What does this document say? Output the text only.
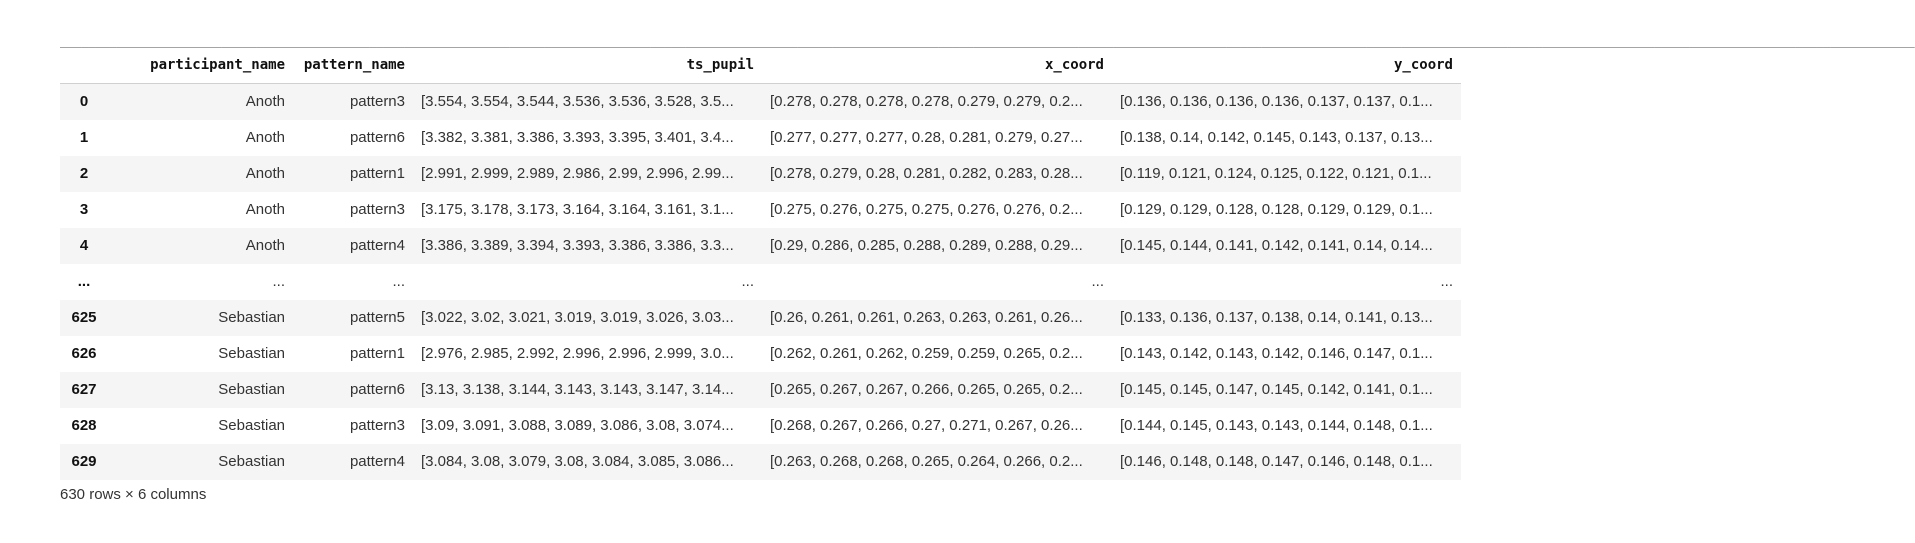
________________________________________________________________________________________________________________________________________________________________________________________________________________________________________________________________________
	participant_name	pattern_name	ts_pupil	x_coord	y_coord
0	Anoth	pattern3	[3.554, 3.554, 3.544, 3.536, 3.536, 3.528, 3.5...	[0.278, 0.278, 0.278, 0.278, 0.279, 0.279, 0.2...	[0.136, 0.136, 0.136, 0.136, 0.137, 0.137, 0.1...
1	Anoth	pattern6	[3.382, 3.381, 3.386, 3.393, 3.395, 3.401, 3.4...	[0.277, 0.277, 0.277, 0.28, 0.281, 0.279, 0.27...	[0.138, 0.14, 0.142, 0.145, 0.143, 0.137, 0.13...
2	Anoth	pattern1	[2.991, 2.999, 2.989, 2.986, 2.99, 2.996, 2.99...	[0.278, 0.279, 0.28, 0.281, 0.282, 0.283, 0.28...	[0.119, 0.121, 0.124, 0.125, 0.122, 0.121, 0.1...
3	Anoth	pattern3	[3.175, 3.178, 3.173, 3.164, 3.164, 3.161, 3.1...	[0.275, 0.276, 0.275, 0.275, 0.276, 0.276, 0.2...	[0.129, 0.129, 0.128, 0.128, 0.129, 0.129, 0.1...
4	Anoth	pattern4	[3.386, 3.389, 3.394, 3.393, 3.386, 3.386, 3.3...	[0.29, 0.286, 0.285, 0.288, 0.289, 0.288, 0.29...	[0.145, 0.144, 0.141, 0.142, 0.141, 0.14, 0.14...
...	...	...	...	...	...
625	Sebastian	pattern5	[3.022, 3.02, 3.021, 3.019, 3.019, 3.026, 3.03...	[0.26, 0.261, 0.261, 0.263, 0.263, 0.261, 0.26...	[0.133, 0.136, 0.137, 0.138, 0.14, 0.141, 0.13...
626	Sebastian	pattern1	[2.976, 2.985, 2.992, 2.996, 2.996, 2.999, 3.0...	[0.262, 0.261, 0.262, 0.259, 0.259, 0.265, 0.2...	[0.143, 0.142, 0.143, 0.142, 0.146, 0.147, 0.1...
627	Sebastian	pattern6	[3.13, 3.138, 3.144, 3.143, 3.143, 3.147, 3.14...	[0.265, 0.267, 0.267, 0.266, 0.265, 0.265, 0.2...	[0.145, 0.145, 0.147, 0.145, 0.142, 0.141, 0.1...
628	Sebastian	pattern3	[3.09, 3.091, 3.088, 3.089, 3.086, 3.08, 3.074...	[0.268, 0.267, 0.266, 0.27, 0.271, 0.267, 0.26...	[0.144, 0.145, 0.143, 0.143, 0.144, 0.148, 0.1...
629	Sebastian	pattern4	[3.084, 3.08, 3.079, 3.08, 3.084, 3.085, 3.086...	[0.263, 0.268, 0.268, 0.265, 0.264, 0.266, 0.2...	[0.146, 0.148, 0.148, 0.147, 0.146, 0.148, 0.1...
630 rows × 6 columns
